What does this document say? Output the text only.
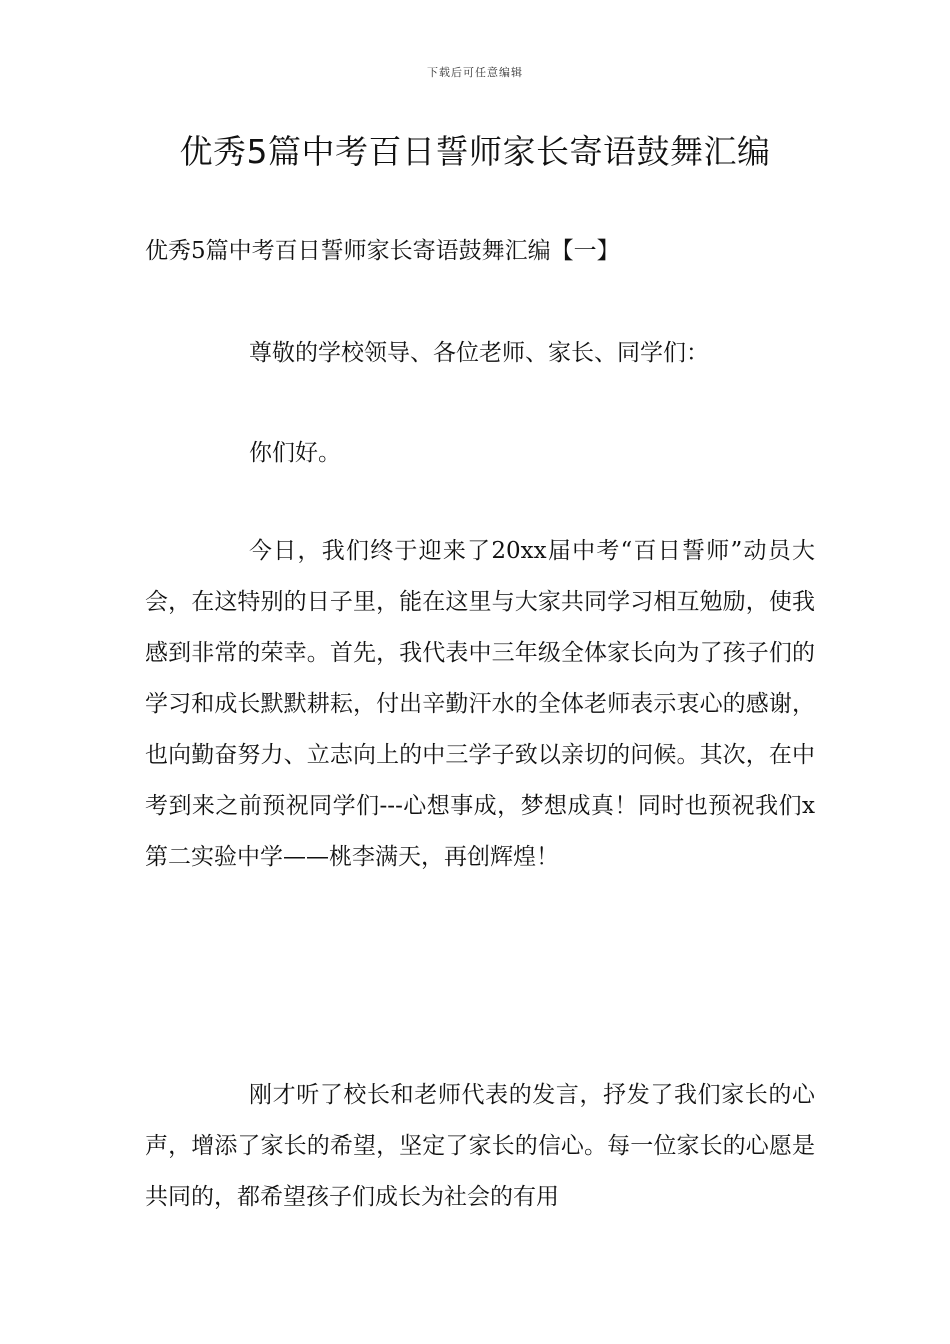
下载后可任意编辑
优秀5篇中考百日誓师家长寄语鼓舞汇编
优秀5篇中考百日誓师家长寄语鼓舞汇编【一】

尊敬的学校领导、各位老师、家长、同学们：

你们好。

今日，我们终于迎来了20xx届中考“百日誓师”动员大会，在这特别的日子里，能在这里与大家共同学习相互勉励，使我感到非常的荣幸。首先，我代表中三年级全体家长向为了孩子们的学习和成长默默耕耘，付出辛勤汗水的全体老师表示衷心的感谢，也向勤奋努力、立志向上的中三学子致以亲切的问候。其次，在中考到来之前预祝同学们---心想事成，梦想成真！同时也预祝我们x第二实验中学——桃李满天，再创辉煌！

刚才听了校长和老师代表的发言，抒发了我们家长的心声，增添了家长的希望，坚定了家长的信心。每一位家长的心愿是共同的，都希望孩子们成长为社会的有用
